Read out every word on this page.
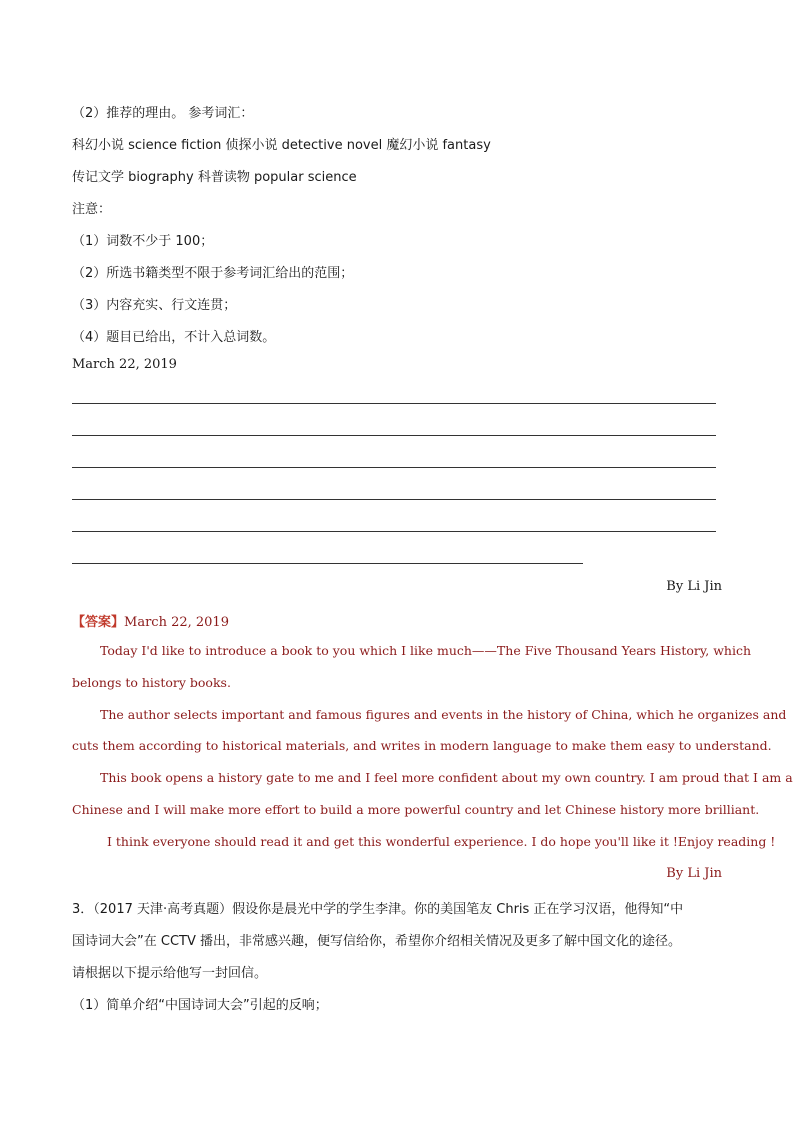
（2）推荐的理由。 参考词汇：
科幻小说 science fiction 侦探小说 detective novel 魔幻小说 fantasy
传记文学 biography 科普读物 popular science
注意：
（1）词数不少于 100；
（2）所选书籍类型不限于参考词汇给出的范围；
（3）内容充实、行文连贯；
（4）题目已给出，不计入总词数。
March 22, 2019
By Li Jin
【答案】March 22, 2019
Today I'd like to introduce a book to you which I like much——The Five Thousand Years History, which
belongs to history books.
The author selects important and famous figures and events in the history of China, which he organizes and
cuts them according to historical materials, and writes in modern language to make them easy to understand.
This book opens a history gate to me and I feel more confident about my own country. I am proud that I am a
Chinese and I will make more effort to build a more powerful country and let Chinese history more brilliant.
I think everyone should read it and get this wonderful experience. I do hope you'll like it !Enjoy reading !
By Li Jin
3．（2017 天津·高考真题）假设你是晨光中学的学生李津。你的美国笔友 Chris 正在学习汉语，他得知“中
国诗词大会”在 CCTV 播出，非常感兴趣，便写信给你，希望你介绍相关情况及更多了解中国文化的途径。
请根据以下提示给他写一封回信。
（1）简单介绍“中国诗词大会”引起的反响；
